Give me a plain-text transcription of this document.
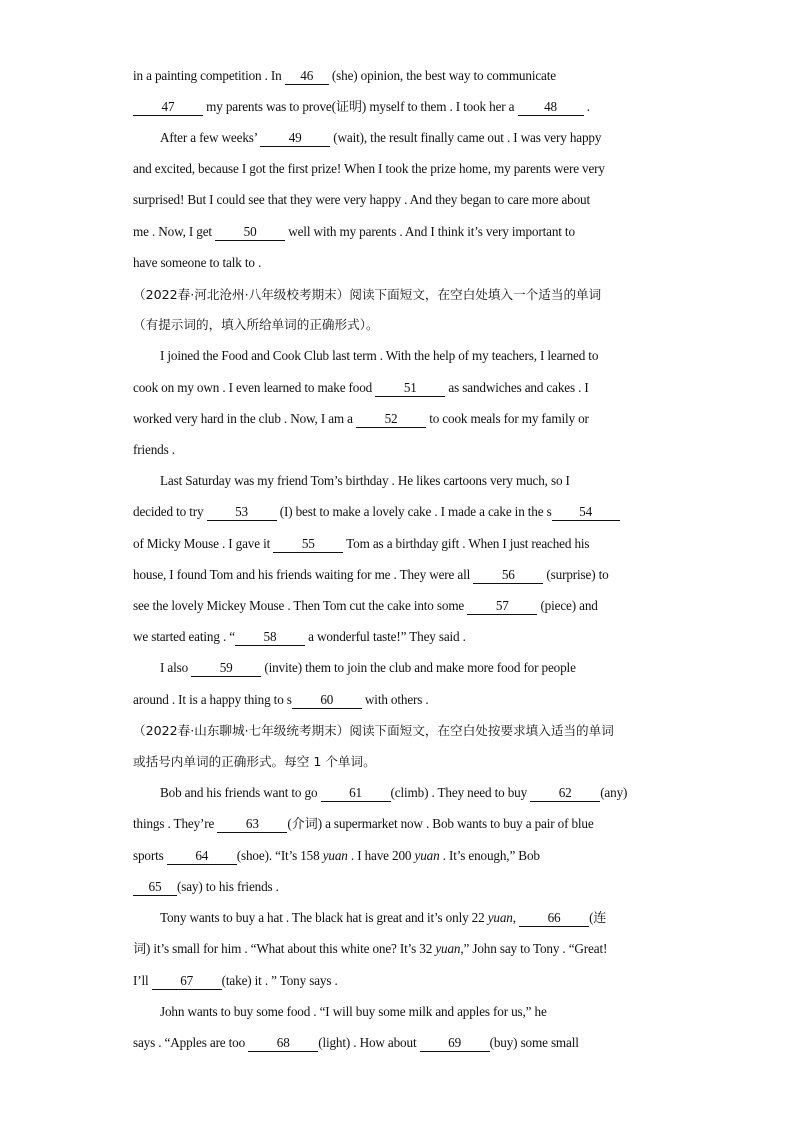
in a painting competition . In 46 (she) opinion, the best way to communicate
47 my parents was to prove(证明) myself to them . I took her a 48 .
After a few weeks’ 49 (wait), the result finally came out . I was very happy
and excited, because I got the first prize! When I took the prize home, my parents were very
surprised! But I could see that they were very happy . And they began to care more about
me . Now, I get 50 well with my parents . And I think it’s very important to
have someone to talk to .
（2022春·河北沧州·八年级校考期末）阅读下面短文，在空白处填入一个适当的单词
（有提示词的，填入所给单词的正确形式）。
I joined the Food and Cook Club last term . With the help of my teachers, I learned to
cook on my own . I even learned to make food 51 as sandwiches and cakes . I
worked very hard in the club . Now, I am a 52 to cook meals for my family or
friends .
Last Saturday was my friend Tom’s birthday . He likes cartoons very much, so I
decided to try 53 (I) best to make a lovely cake . I made a cake in the s 54
of Micky Mouse . I gave it 55 Tom as a birthday gift . When I just reached his
house, I found Tom and his friends waiting for me . They were all 56 (surprise) to
see the lovely Mickey Mouse . Then Tom cut the cake into some 57 (piece) and
we started eating . “ 58 a wonderful taste!” They said .
I also 59 (invite) them to join the club and make more food for people
around . It is a happy thing to s 60 with others .
（2022春·山东聊城·七年级统考期末）阅读下面短文，在空白处按要求填入适当的单词
或括号内单词的正确形式。每空 1 个单词。
Bob and his friends want to go 61 (climb) . They need to buy 62 (any)
things . They’re 63 (介词) a supermarket now . Bob wants to buy a pair of blue
sports 64 (shoe). “It’s 158 yuan . I have 200 yuan . It’s enough,” Bob
65 (say) to his friends .
Tony wants to buy a hat . The black hat is great and it’s only 22 yuan, 66 (连
词) it’s small for him . “What about this white one? It’s 32 yuan,” John say to Tony . “Great!
I’ll 67 (take) it . ” Tony says .
John wants to buy some food . “I will buy some milk and apples for us,” he
says . “Apples are too 68 (light) . How about 69 (buy) some small
